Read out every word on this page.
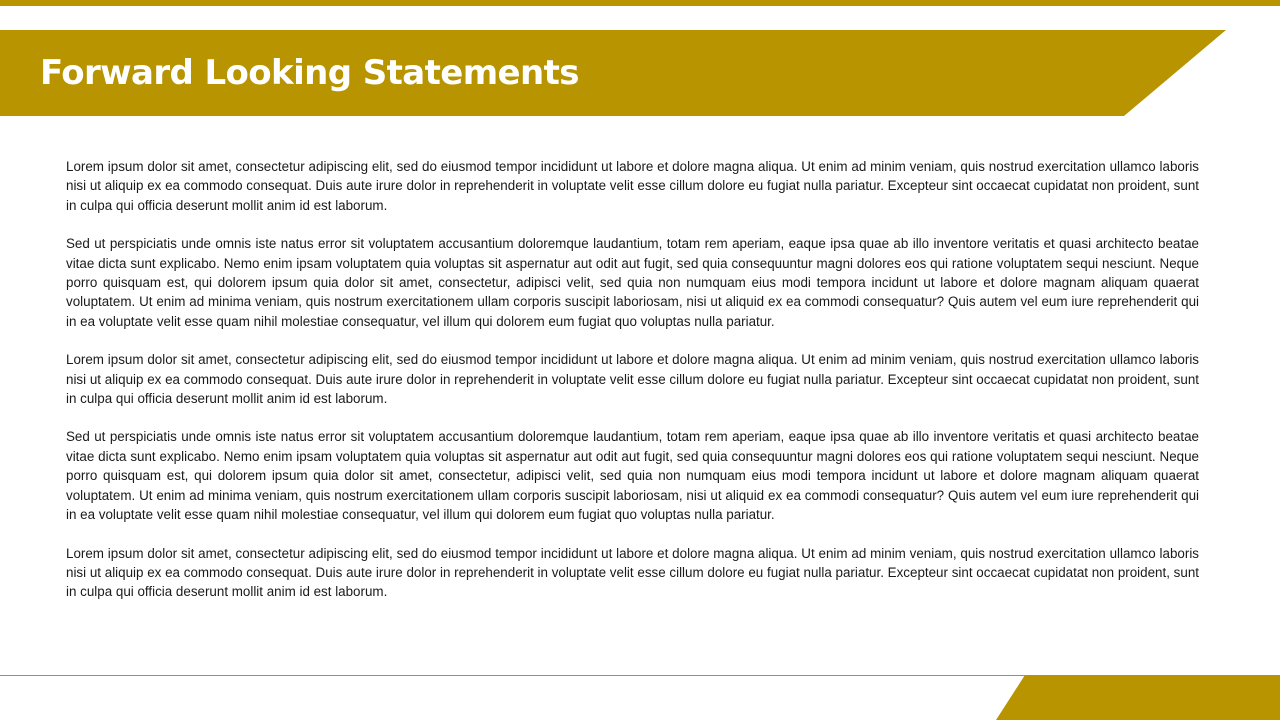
Forward Looking Statements

Lorem ipsum dolor sit amet, consectetur adipiscing elit, sed do eiusmod tempor incididunt ut labore et dolore magna aliqua. Ut enim ad minim veniam, quis nostrud exercitation ullamco laboris nisi ut aliquip ex ea commodo consequat. Duis aute irure dolor in reprehenderit in voluptate velit esse cillum dolore eu fugiat nulla pariatur. Excepteur sint occaecat cupidatat non proident, sunt in culpa qui officia deserunt mollit anim id est laborum.

Sed ut perspiciatis unde omnis iste natus error sit voluptatem accusantium doloremque laudantium, totam rem aperiam, eaque ipsa quae ab illo inventore veritatis et quasi architecto beatae vitae dicta sunt explicabo. Nemo enim ipsam voluptatem quia voluptas sit aspernatur aut odit aut fugit, sed quia consequuntur magni dolores eos qui ratione voluptatem sequi nesciunt. Neque porro quisquam est, qui dolorem ipsum quia dolor sit amet, consectetur, adipisci velit, sed quia non numquam eius modi tempora incidunt ut labore et dolore magnam aliquam quaerat voluptatem. Ut enim ad minima veniam, quis nostrum exercitationem ullam corporis suscipit laboriosam, nisi ut aliquid ex ea commodi consequatur? Quis autem vel eum iure reprehenderit qui in ea voluptate velit esse quam nihil molestiae consequatur, vel illum qui dolorem eum fugiat quo voluptas nulla pariatur.

Lorem ipsum dolor sit amet, consectetur adipiscing elit, sed do eiusmod tempor incididunt ut labore et dolore magna aliqua. Ut enim ad minim veniam, quis nostrud exercitation ullamco laboris nisi ut aliquip ex ea commodo consequat. Duis aute irure dolor in reprehenderit in voluptate velit esse cillum dolore eu fugiat nulla pariatur. Excepteur sint occaecat cupidatat non proident, sunt in culpa qui officia deserunt mollit anim id est laborum.

Sed ut perspiciatis unde omnis iste natus error sit voluptatem accusantium doloremque laudantium, totam rem aperiam, eaque ipsa quae ab illo inventore veritatis et quasi architecto beatae vitae dicta sunt explicabo. Nemo enim ipsam voluptatem quia voluptas sit aspernatur aut odit aut fugit, sed quia consequuntur magni dolores eos qui ratione voluptatem sequi nesciunt. Neque porro quisquam est, qui dolorem ipsum quia dolor sit amet, consectetur, adipisci velit, sed quia non numquam eius modi tempora incidunt ut labore et dolore magnam aliquam quaerat voluptatem. Ut enim ad minima veniam, quis nostrum exercitationem ullam corporis suscipit laboriosam, nisi ut aliquid ex ea commodi consequatur? Quis autem vel eum iure reprehenderit qui in ea voluptate velit esse quam nihil molestiae consequatur, vel illum qui dolorem eum fugiat quo voluptas nulla pariatur.

Lorem ipsum dolor sit amet, consectetur adipiscing elit, sed do eiusmod tempor incididunt ut labore et dolore magna aliqua. Ut enim ad minim veniam, quis nostrud exercitation ullamco laboris nisi ut aliquip ex ea commodo consequat. Duis aute irure dolor in reprehenderit in voluptate velit esse cillum dolore eu fugiat nulla pariatur. Excepteur sint occaecat cupidatat non proident, sunt in culpa qui officia deserunt mollit anim id est laborum.
